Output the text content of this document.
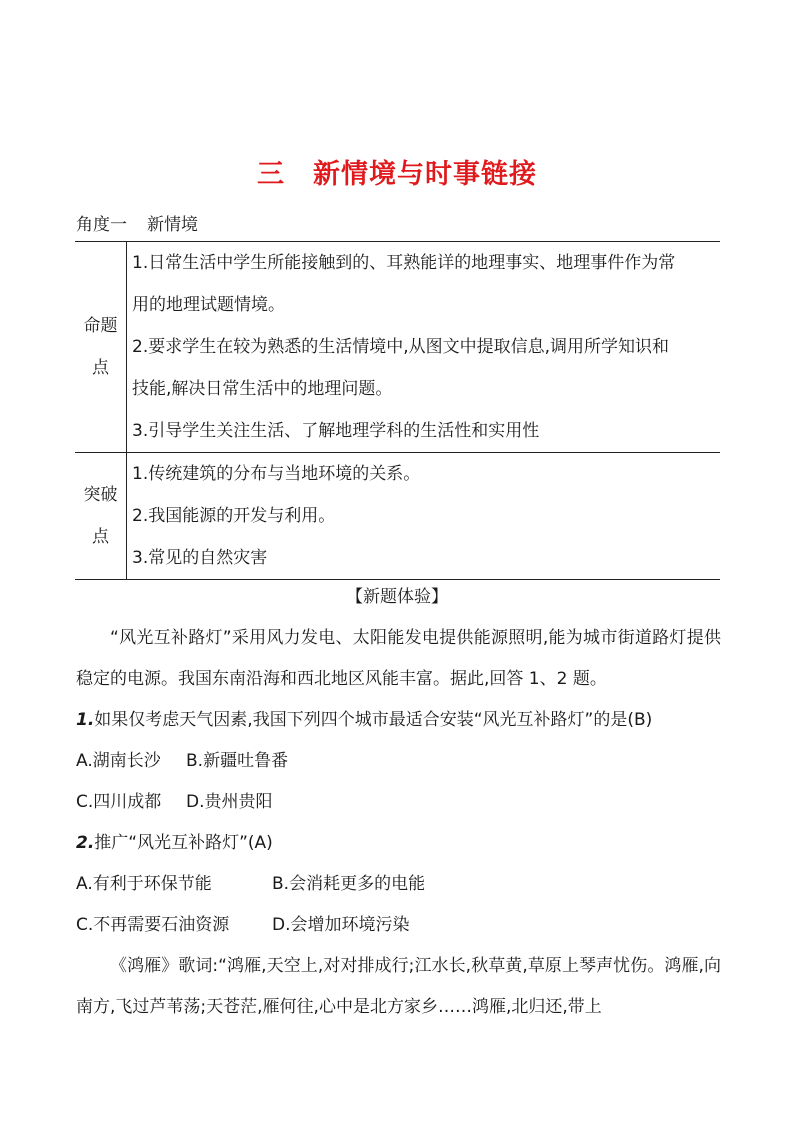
三 新情境与时事链接
角度一 新情境
命题
点	1.日常生活中学生所能接触到的、耳熟能详的地理事实、地理事件作为常
用的地理试题情境。
2.要求学生在较为熟悉的生活情境中,从图文中提取信息,调用所学知识和
技能,解决日常生活中的地理问题。
3.引导学生关注生活、了解地理学科的生活性和实用性

突破
点	1.传统建筑的分布与当地环境的关系。
2.我国能源的开发与利用。
3.常见的自然灾害
【新题体验】

“风光互补路灯”采用风力发电、太阳能发电提供能源照明,能为城市街道路灯提供稳定的电源。我国东南沿海和西北地区风能丰富。据此,回答 1、2 题。

1.如果仅考虑天气因素,我国下列四个城市最适合安装“风光互补路灯”的是(B)

A.湖南长沙 B.新疆吐鲁番

C.四川成都 D.贵州贵阳

2.推广“风光互补路灯”(A)

A.有利于环保节能	B.会消耗更多的电能

C.不再需要石油资源	D.会增加环境污染

《鸿雁》歌词:“鸿雁,天空上,对对排成行;江水长,秋草黄,草原上琴声忧伤。鸿雁,向南方,飞过芦苇荡;天苍茫,雁何往,心中是北方家乡……鸿雁,北归还,带上
